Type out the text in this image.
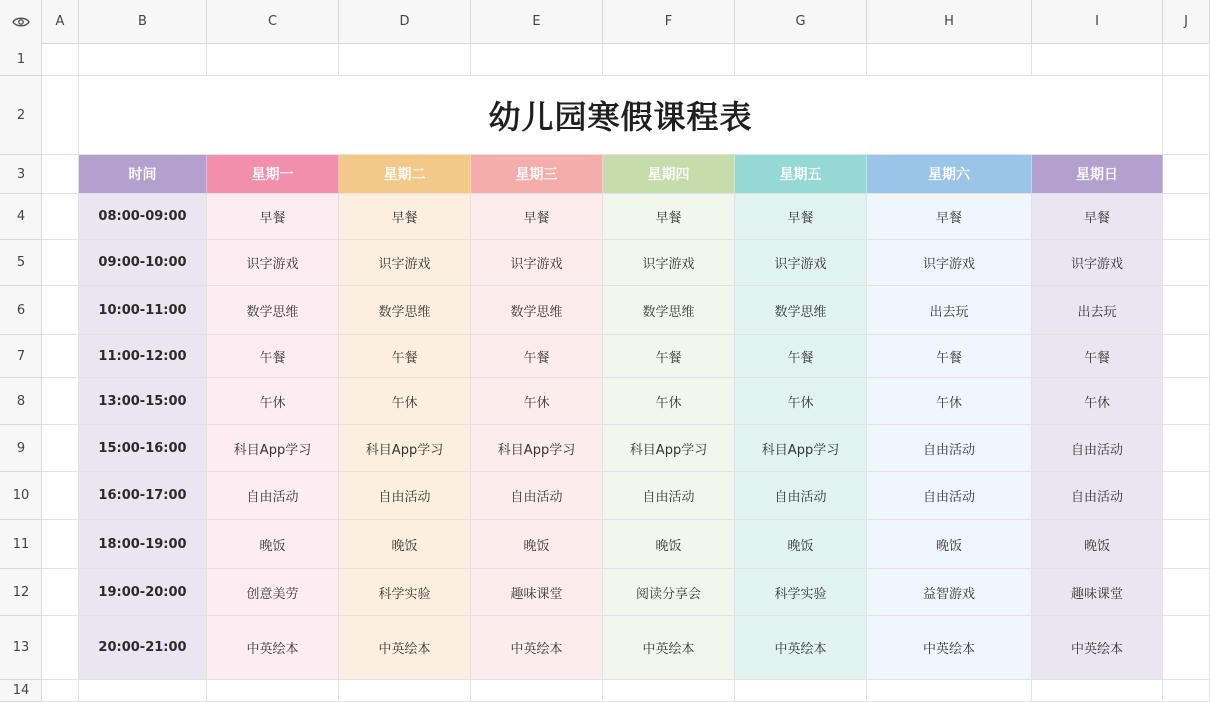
A	B	C	D	E	F	G	H	I	J
1
2
3
4
5
6
7
8
9
10
11
12
13
14
幼儿园寒假课程表
时间	星期一	星期二	星期三	星期四	星期五	星期六	星期日
08:00-09:00	早餐	早餐	早餐	早餐	早餐	早餐	早餐
09:00-10:00	识字游戏	识字游戏	识字游戏	识字游戏	识字游戏	识字游戏	识字游戏
10:00-11:00	数学思维	数学思维	数学思维	数学思维	数学思维	出去玩	出去玩
11:00-12:00	午餐	午餐	午餐	午餐	午餐	午餐	午餐
13:00-15:00	午休	午休	午休	午休	午休	午休	午休
15:00-16:00	科目App学习	科目App学习	科目App学习	科目App学习	科目App学习	自由活动	自由活动
16:00-17:00	自由活动	自由活动	自由活动	自由活动	自由活动	自由活动	自由活动
18:00-19:00	晚饭	晚饭	晚饭	晚饭	晚饭	晚饭	晚饭
19:00-20:00	创意美劳	科学实验	趣味课堂	阅读分享会	科学实验	益智游戏	趣味课堂
20:00-21:00	中英绘本	中英绘本	中英绘本	中英绘本	中英绘本	中英绘本	中英绘本
